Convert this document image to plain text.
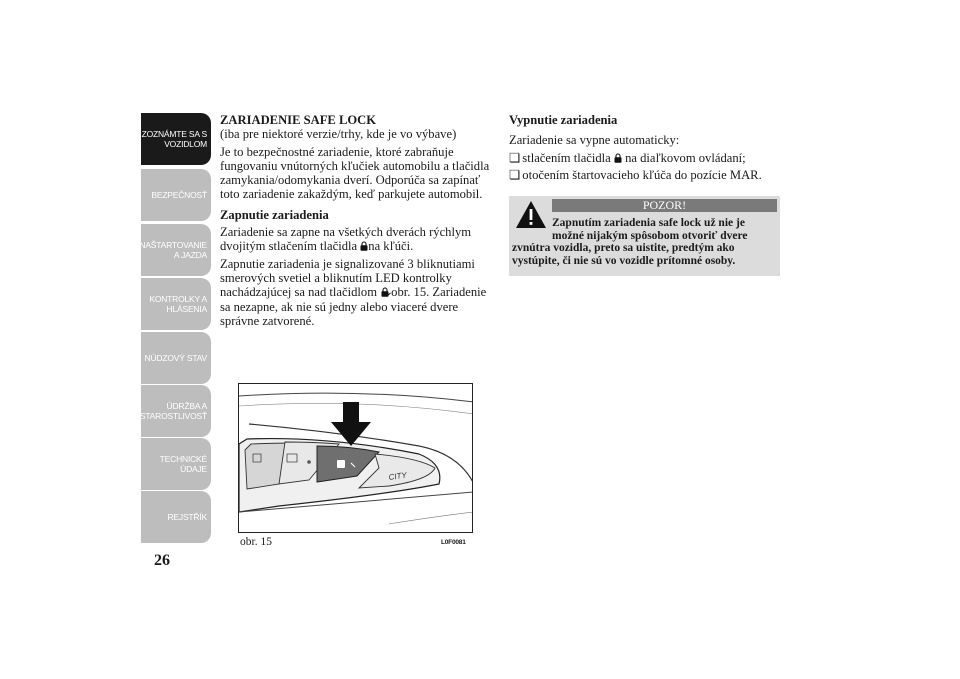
ZOZNÁMTE SA S
VOZIDLOM
BEZPEČNOSŤ
NAŠTARTOVANIE
A JAZDA
KONTROLKY A
HLÁSENIA
NÚDZOVÝ STAV
ÚDRŽBA A
STAROSTLIVOSŤ
TECHNICKÉ
ÚDAJE
REJSTŘÍK
26

ZARIADENIE SAFE LOCK
(iba pre niektoré verzie/trhy, kde je vo výbave)

Je to bezpečnostné zariadenie, ktoré zabraňuje fungovaniu vnútorných kľučiek automobilu a tlačidla zamykania/odomykania dverí. Odporúča sa zapínať toto zariadenie zakaždým, keď parkujete automobil.

Zapnutie zariadenia

Zariadenie sa zapne na všetkých dverách rýchlym dvojitým stlačením tlačidla na kľúči.

Zapnutie zariadenia je signalizované 3 bliknutiami smerových svetiel a bliknutím LED kontrolky nachádzajúcej sa nad tlačidlom obr. 15. Zariadenie sa nezapne, ak nie sú jedny alebo viaceré dvere správne zatvorené.

Vypnutie zariadenia

Zariadenie sa vypne automaticky:

❏ stlačením tlačidla na diaľkovom ovládaní;

❏ otočením štartovacieho kľúča do pozície MAR.

POZOR!
Zapnutím zariadenia safe lock už nie je
možné nijakým spôsobom otvoriť dvere
zvnútra vozidla, preto sa uistite, predtým ako vystúpite, či nie sú vo vozidle prítomné osoby.
CITY
obr. 15	L0F0081
